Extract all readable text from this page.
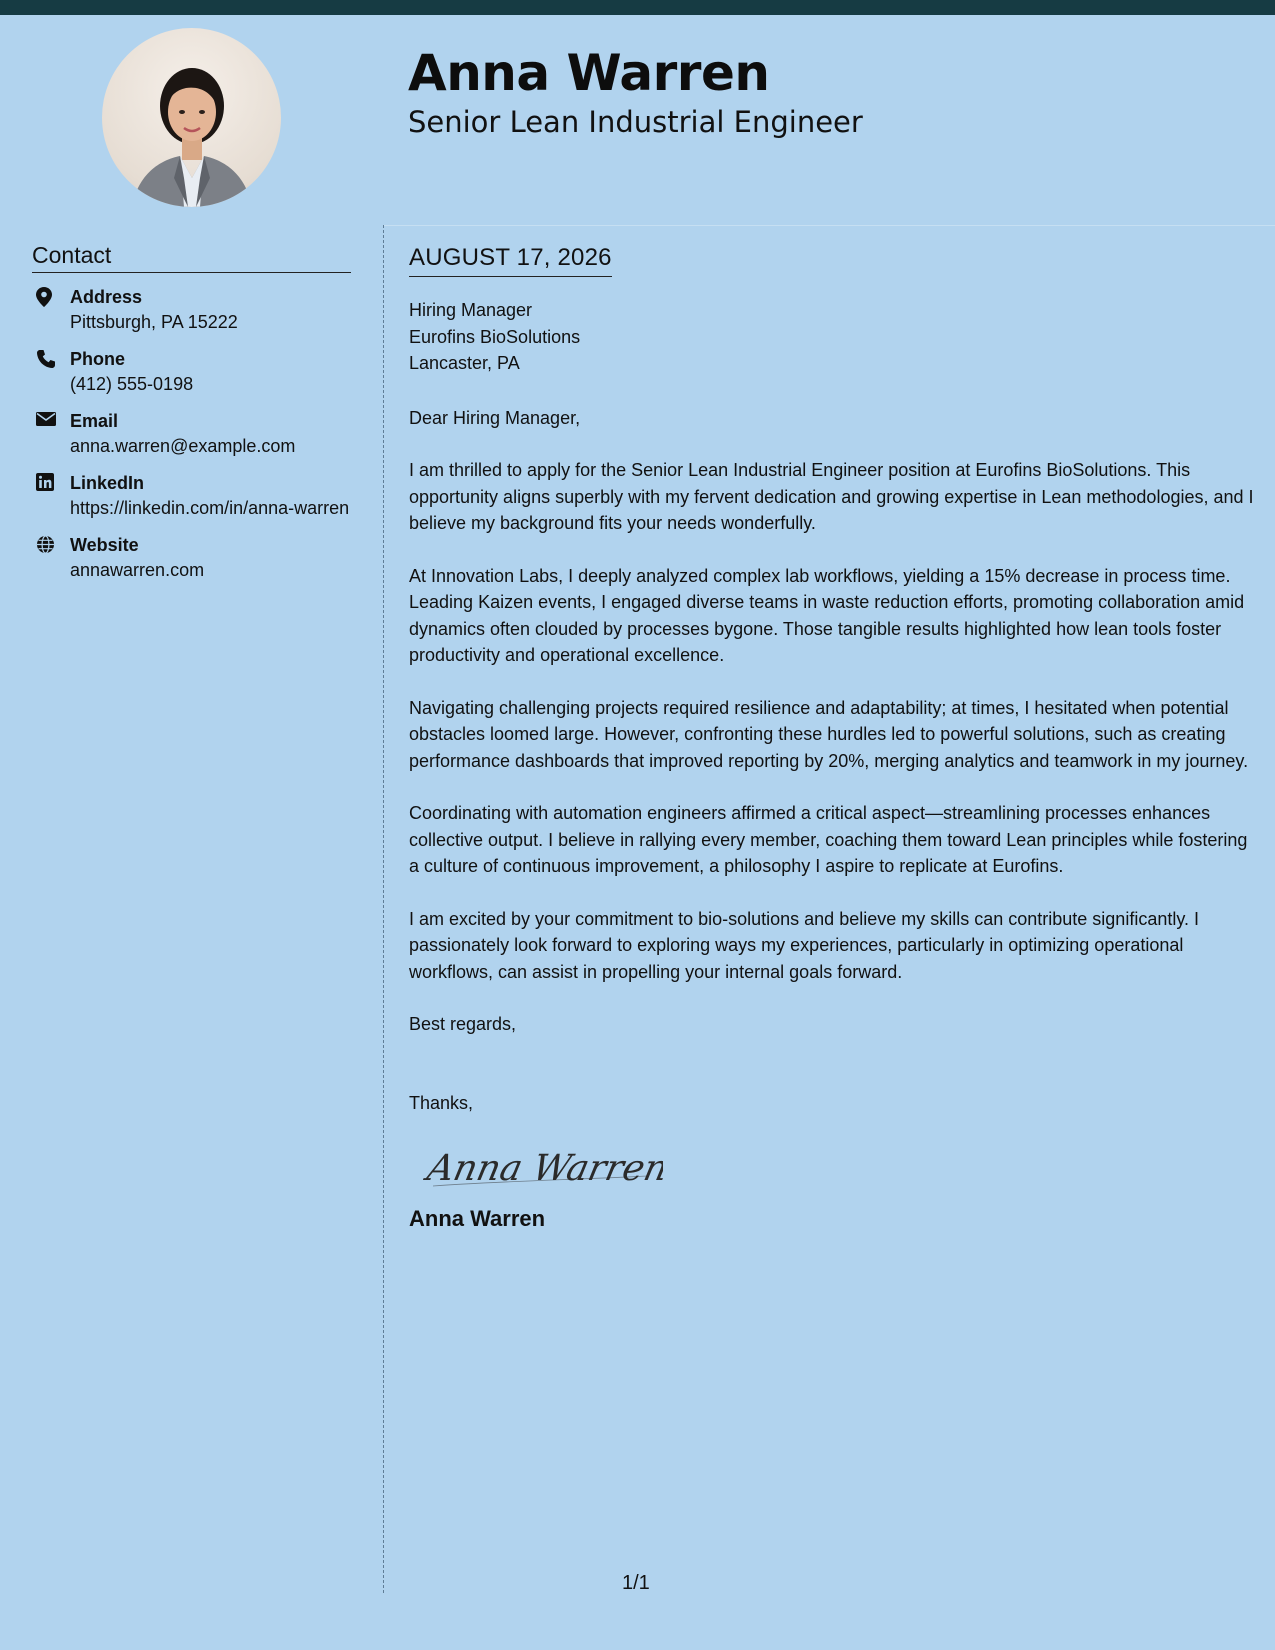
Anna Warren
Senior Lean Industrial Engineer
Contact
Address
Pittsburgh, PA 15222
Phone
(412) 555-0198
Email
anna.warren@example.com
LinkedIn
https://linkedin.com/in/anna-warren
Website
annawarren.com
AUGUST 17, 2026
Hiring Manager
Eurofins BioSolutions
Lancaster, PA
Dear Hiring Manager,

I am thrilled to apply for the Senior Lean Industrial Engineer position at Eurofins BioSolutions. This opportunity aligns superbly with my fervent dedication and growing expertise in Lean methodologies, and I believe my background fits your needs wonderfully.

At Innovation Labs, I deeply analyzed complex lab workflows, yielding a 15% decrease in process time. Leading Kaizen events, I engaged diverse teams in waste reduction efforts, promoting collaboration amid dynamics often clouded by processes bygone. Those tangible results highlighted how lean tools foster productivity and operational excellence.

Navigating challenging projects required resilience and adaptability; at times, I hesitated when potential obstacles loomed large. However, confronting these hurdles led to powerful solutions, such as creating performance dashboards that improved reporting by 20%, merging analytics and teamwork in my journey.

Coordinating with automation engineers affirmed a critical aspect—streamlining processes enhances collective output. I believe in rallying every member, coaching them toward Lean principles while fostering a culture of continuous improvement, a philosophy I aspire to replicate at Eurofins.

I am excited by your commitment to bio-solutions and believe my skills can contribute significantly. I passionately look forward to exploring ways my experiences, particularly in optimizing operational workflows, can assist in propelling your internal goals forward.

Best regards,
Thanks,
Anna Warren
Anna Warren
1/1
